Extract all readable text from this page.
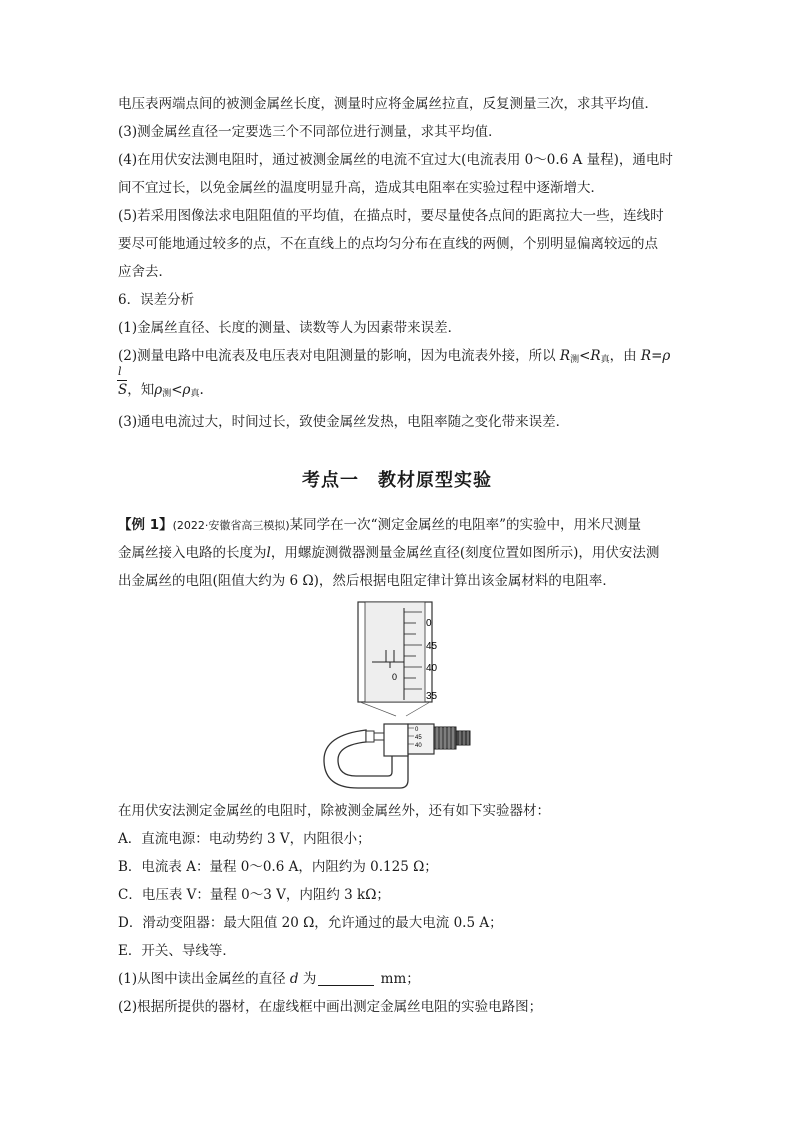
电压表两端点间的被测金属丝长度，测量时应将金属丝拉直，反复测量三次，求其平均值．
(3)测金属丝直径一定要选三个不同部位进行测量，求其平均值．
(4)在用伏安法测电阻时，通过被测金属丝的电流不宜过大(电流表用 0～0.6 A 量程)，通电时
间不宜过长，以免金属丝的温度明显升高，造成其电阻率在实验过程中逐渐增大．
(5)若采用图像法求电阻阻值的平均值，在描点时，要尽量使各点间的距离拉大一些，连线时
要尽可能地通过较多的点，不在直线上的点均匀分布在直线的两侧，个别明显偏离较远的点
应舍去．
6．误差分析
(1)金属丝直径、长度的测量、读数等人为因素带来误差．
(2)测量电路中电流表及电压表对电阻测量的影响，因为电流表外接，所以 $R_测<R_真$，由 R=ρ
l
S，知$\rho_测<\rho_真$.
(3)通电电流过大，时间过长，致使金属丝发热，电阻率随之变化带来误差．
考点一　教材原型实验
【例 1】(2022·安徽省高三模拟)某同学在一次“测定金属丝的电阻率”的实验中，用米尺测量
金属丝接入电路的长度为l，用螺旋测微器测量金属丝直径(刻度位置如图所示)，用伏安法测
出金属丝的电阻(阻值大约为 6 Ω)，然后根据电阻定律计算出该金属材料的电阻率．
0
0
45
40
35
0
45
40
在用伏安法测定金属丝的电阻时，除被测金属丝外，还有如下实验器材：
A．直流电源：电动势约 3 V，内阻很小；
B．电流表 A：量程 0～0.6 A，内阻约为 0.125 Ω；
C．电压表 V：量程 0～3 V，内阻约 3 kΩ；
D．滑动变阻器：最大阻值 20 Ω，允许通过的最大电流 0.5 A；
E．开关、导线等．
(1)从图中读出金属丝的直径 d 为	mm；
(2)根据所提供的器材，在虚线框中画出测定金属丝电阻的实验电路图；
